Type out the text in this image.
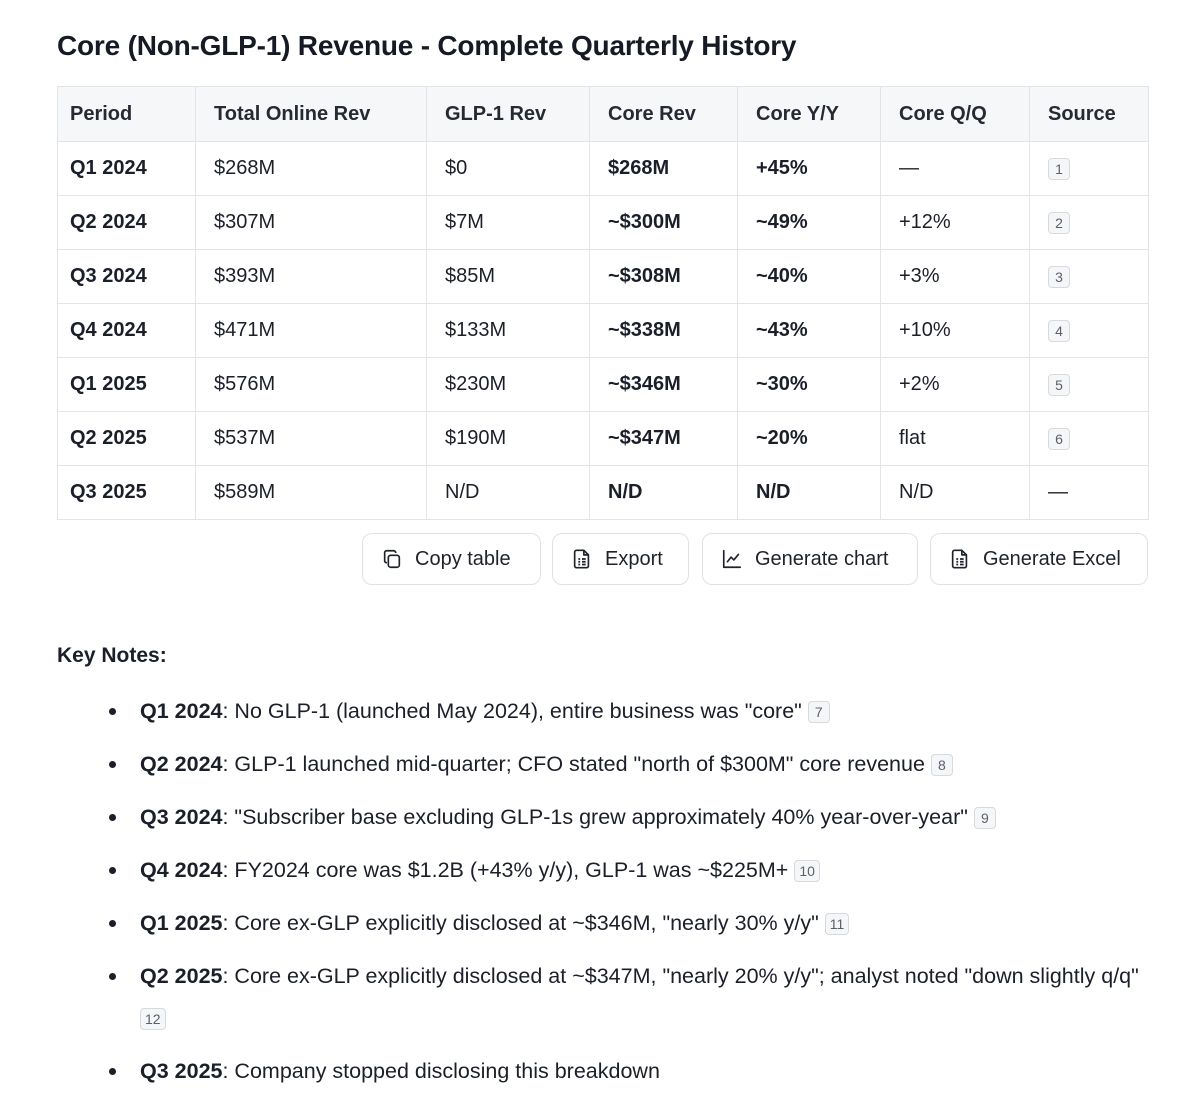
Core (Non-GLP-1) Revenue - Complete Quarterly History
Period	Total Online Rev	GLP-1 Rev	Core Rev	Core Y/Y	Core Q/Q	Source
Q1 2024	$268M	$0	$268M	+45%	—	1
Q2 2024	$307M	$7M	~$300M	~49%	+12%	2
Q3 2024	$393M	$85M	~$308M	~40%	+3%	3
Q4 2024	$471M	$133M	~$338M	~43%	+10%	4
Q1 2025	$576M	$230M	~$346M	~30%	+2%	5
Q2 2025	$537M	$190M	~$347M	~20%	flat	6
Q3 2025	$589M	N/D	N/D	N/D	N/D	—
Copy table	Export	Generate chart	Generate Excel
Key Notes:
Q1 2024: No GLP-1 (launched May 2024), entire business was "core" 7
Q2 2024: GLP-1 launched mid-quarter; CFO stated "north of $300M" core revenue 8
Q3 2024: "Subscriber base excluding GLP-1s grew approximately 40% year-over-year" 9
Q4 2024: FY2024 core was $1.2B (+43% y/y), GLP-1 was ~$225M+ 10
Q1 2025: Core ex-GLP explicitly disclosed at ~$346M, "nearly 30% y/y" 11
Q2 2025: Core ex-GLP explicitly disclosed at ~$347M, "nearly 20% y/y"; analyst noted "down slightly q/q" 12
Q3 2025: Company stopped disclosing this breakdown
